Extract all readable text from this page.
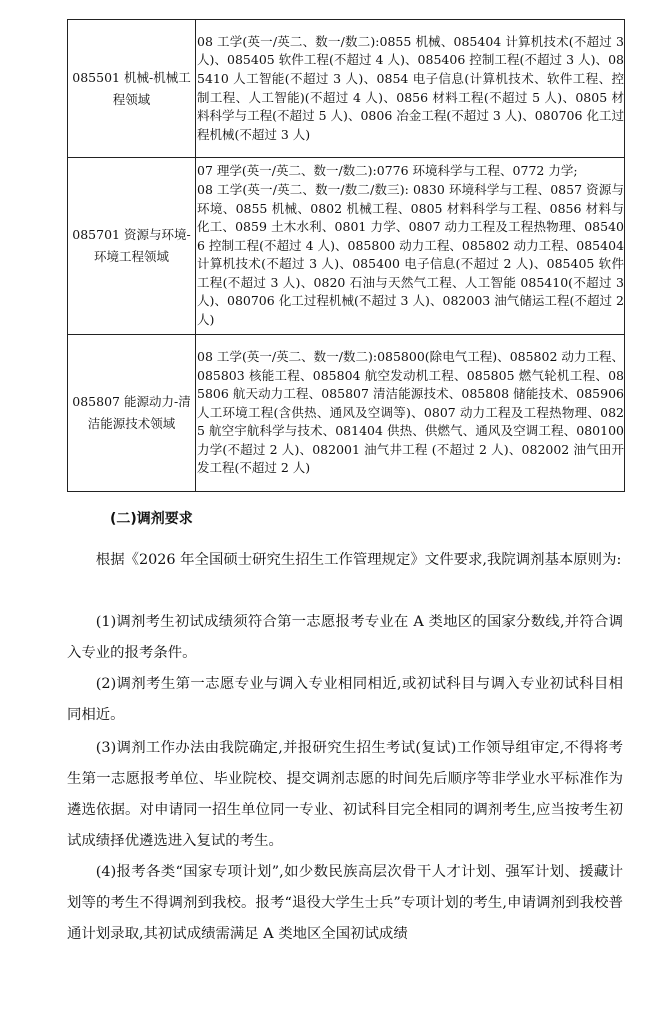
085501 机械-机械工程领域	08 工学(英一/英二、数一/数二):0855 机械、085404 计算机技术(不超过 3 人)、085405 软件工程(不超过 4 人)、085406 控制工程(不超过 3 人)、085410 人工智能(不超过 3 人)、0854 电子信息(计算机技术、软件工程、控制工程、人工智能)(不超过 4 人)、0856 材料工程(不超过 5 人)、0805 材料科学与工程(不超过 5 人)、0806 冶金工程(不超过 3 人)、080706 化工过程机械(不超过 3 人)

085701 资源与环境-环境工程领域	07 理学(英一/英二、数一/数二):0776 环境科学与工程、0772 力学;
08 工学(英一/英二、数一/数二/数三): 0830 环境科学与工程、0857 资源与环境、0855 机械、0802 机械工程、0805 材料科学与工程、0856 材料与化工、0859 土木水利、0801 力学、0807 动力工程及工程热物理、085406 控制工程(不超过 4 人)、085800 动力工程、085802 动力工程、085404 计算机技术(不超过 3 人)、085400 电子信息(不超过 2 人)、085405 软件工程(不超过 3 人)、0820 石油与天然气工程、人工智能 085410(不超过 3 人)、080706 化工过程机械(不超过 3 人)、082003 油气储运工程(不超过 2 人)

085807 能源动力-清洁能源技术领域	08 工学(英一/英二、数一/数二):085800(除电气工程)、085802 动力工程、085803 核能工程、085804 航空发动机工程、085805 燃气轮机工程、085806 航天动力工程、085807 清洁能源技术、085808 储能技术、085906 人工环境工程(含供热、通风及空调等)、0807 动力工程及工程热物理、0825 航空宇航科学与技术、081404 供热、供燃气、通风及空调工程、080100 力学(不超过 2 人)、082001 油气井工程 (不超过 2 人)、082002 油气田开发工程(不超过 2 人)
(二)调剂要求

根据《2026 年全国硕士研究生招生工作管理规定》文件要求,我院调剂基本原则为:

(1)调剂考生初试成绩须符合第一志愿报考专业在 A 类地区的国家分数线,并符合调入专业的报考条件。

(2)调剂考生第一志愿专业与调入专业相同相近,或初试科目与调入专业初试科目相同相近。

(3)调剂工作办法由我院确定,并报研究生招生考试(复试)工作领导组审定,不得将考生第一志愿报考单位、毕业院校、提交调剂志愿的时间先后顺序等非学业水平标准作为遴选依据。对申请同一招生单位同一专业、初试科目完全相同的调剂考生,应当按考生初试成绩择优遴选进入复试的考生。

(4)报考各类“国家专项计划”,如少数民族高层次骨干人才计划、强军计划、援藏计划等的考生不得调剂到我校。报考“退役大学生士兵”专项计划的考生,申请调剂到我校普通计划录取,其初试成绩需满足 A 类地区全国初试成绩
